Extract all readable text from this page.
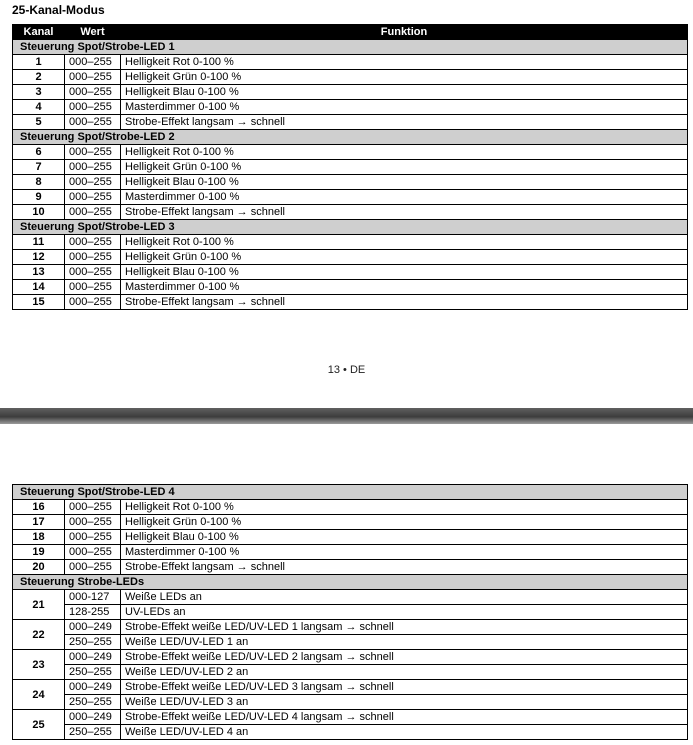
25-Kanal-Modus
Kanal	Wert	Funktion
Steuerung Spot/Strobe-LED 1		
1	000–255	Helligkeit Rot 0-100 %
2	000–255	Helligkeit Grün 0-100 %
3	000–255	Helligkeit Blau 0-100 %
4	000–255	Masterdimmer 0-100 %
5	000–255	Strobe-Effekt langsam → schnell
Steuerung Spot/Strobe-LED 2		
6	000–255	Helligkeit Rot 0-100 %
7	000–255	Helligkeit Grün 0-100 %
8	000–255	Helligkeit Blau 0-100 %
9	000–255	Masterdimmer 0-100 %
10	000–255	Strobe-Effekt langsam → schnell
Steuerung Spot/Strobe-LED 3		
11	000–255	Helligkeit Rot 0-100 %
12	000–255	Helligkeit Grün 0-100 %
13	000–255	Helligkeit Blau 0-100 %
14	000–255	Masterdimmer 0-100 %
15	000–255	Strobe-Effekt langsam → schnell
13 • DE
Steuerung Spot/Strobe-LED 4		
16	000–255	Helligkeit Rot 0-100 %
17	000–255	Helligkeit Grün 0-100 %
18	000–255	Helligkeit Blau 0-100 %
19	000–255	Masterdimmer 0-100 %
20	000–255	Strobe-Effekt langsam → schnell
Steuerung Strobe-LEDs		
21	000-127	Weiße LEDs an
	128-255	UV-LEDs an
22	000–249	Strobe-Effekt weiße LED/UV-LED 1 langsam → schnell
	250–255	Weiße LED/UV-LED 1 an
23	000–249	Strobe-Effekt weiße LED/UV-LED 2 langsam → schnell
	250–255	Weiße LED/UV-LED 2 an
24	000–249	Strobe-Effekt weiße LED/UV-LED 3 langsam → schnell
	250–255	Weiße LED/UV-LED 3 an
25	000–249	Strobe-Effekt weiße LED/UV-LED 4 langsam → schnell
	250–255	Weiße LED/UV-LED 4 an
